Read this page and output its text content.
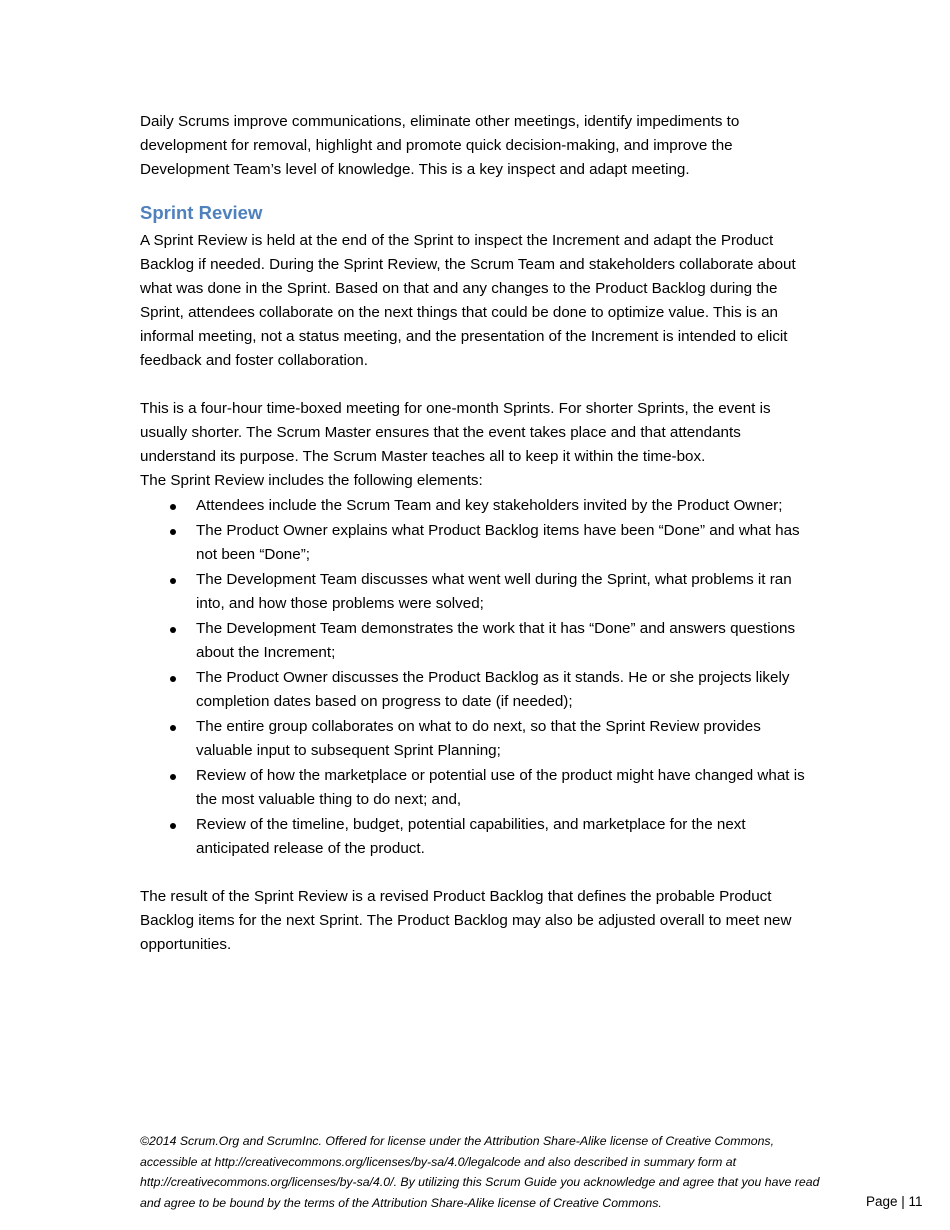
Daily Scrums improve communications, eliminate other meetings, identify impediments to development for removal, highlight and promote quick decision-making, and improve the Development Team’s level of knowledge. This is a key inspect and adapt meeting.

Sprint Review

A Sprint Review is held at the end of the Sprint to inspect the Increment and adapt the Product Backlog if needed. During the Sprint Review, the Scrum Team and stakeholders collaborate about what was done in the Sprint. Based on that and any changes to the Product Backlog during the Sprint, attendees collaborate on the next things that could be done to optimize value. This is an informal meeting, not a status meeting, and the presentation of the Increment is intended to elicit feedback and foster collaboration.

This is a four-hour time-boxed meeting for one-month Sprints. For shorter Sprints, the event is usually shorter. The Scrum Master ensures that the event takes place and that attendants understand its purpose. The Scrum Master teaches all to keep it within the time-box.

The Sprint Review includes the following elements:

Attendees include the Scrum Team and key stakeholders invited by the Product Owner;
The Product Owner explains what Product Backlog items have been “Done” and what has not been “Done”;
The Development Team discusses what went well during the Sprint, what problems it ran into, and how those problems were solved;
The Development Team demonstrates the work that it has “Done” and answers questions about the Increment;
The Product Owner discusses the Product Backlog as it stands. He or she projects likely completion dates based on progress to date (if needed);
The entire group collaborates on what to do next, so that the Sprint Review provides valuable input to subsequent Sprint Planning;
Review of how the marketplace or potential use of the product might have changed what is the most valuable thing to do next; and,
Review of the timeline, budget, potential capabilities, and marketplace for the next anticipated release of the product.

The result of the Sprint Review is a revised Product Backlog that defines the probable Product Backlog items for the next Sprint. The Product Backlog may also be adjusted overall to meet new opportunities.

©2014 Scrum.Org and ScrumInc. Offered for license under the Attribution Share-Alike license of Creative Commons, accessible at http://creativecommons.org/licenses/by-sa/4.0/legalcode and also described in summary form at http://creativecommons.org/licenses/by-sa/4.0/. By utilizing this Scrum Guide you acknowledge and agree that you have read and agree to be bound by the terms of the Attribution Share-Alike license of Creative Commons.	Page | 11
